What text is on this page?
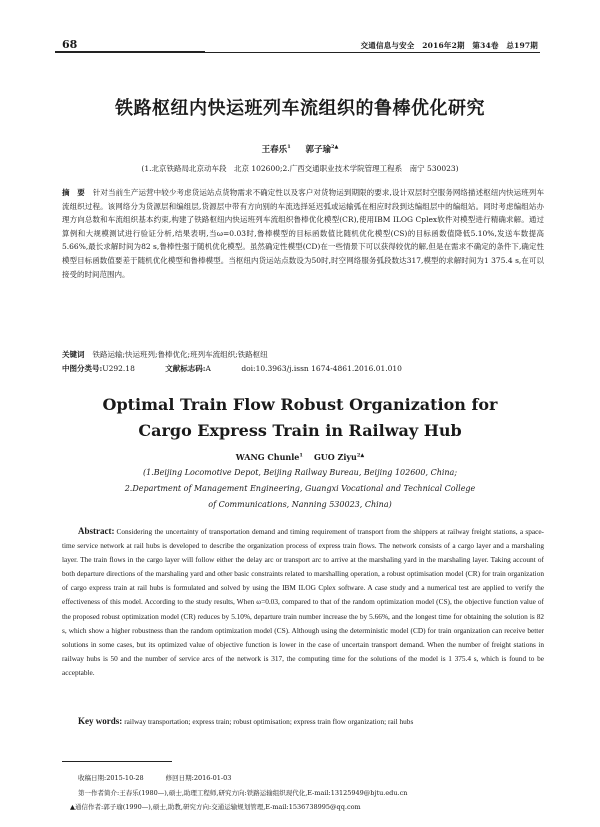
68	交通信息与安全　2016年2期　第34卷　总197期
铁路枢纽内快运班列车流组织的鲁棒优化研究
王春乐$^1$ 郭子瑜$^{2▲}$
(1.北京铁路局北京动车段　北京 102600;2.广西交通职业技术学院管理工程系　南宁 530023)
摘　要 针对当前生产运营中较少考虑货运站点货物需求不确定性以及客户对货物运到期限的要求,设计双层时空服务网络描述枢纽内快运班列车流组织过程。该网络分为货源层和编组层,货源层中带有方向别的车流选择延迟弧或运输弧在相应时段到达编组层中的编组站。同时考虑编组站办理方向总数和车流组织基本约束,构建了铁路枢纽内快运班列车流组织鲁棒优化模型(CR),使用IBM ILOG Cplex软件对模型进行精确求解。通过算例和大规模测试进行验证分析,结果表明,当ω=0.03时,鲁棒模型的目标函数值比随机优化模型(CS)的目标函数值降低5.10%,发送车数提高5.66%,最长求解时间为82 s,鲁棒性强于随机优化模型。虽然确定性模型(CD)在一些情景下可以获得较优的解,但是在需求不确定的条件下,确定性模型目标函数值要差于随机优化模型和鲁棒模型。当枢纽内货运站点数设为50时,时空网络服务弧段数达317,模型的求解时间为1 375.4 s,在可以接受的时间范围内。
关键词 铁路运输;快运班列;鲁棒优化;班列车流组织;铁路枢纽
中图分类号:U292.18	文献标志码:A	doi:10.3963/j.issn 1674-4861.2016.01.010
Optimal Train Flow Robust Organization for
Cargo Express Train in Railway Hub
WANG Chunle$^1$ GUO Ziyu$^{2▲}$
(1.Beijing Locomotive Depot, Beijing Railway Bureau, Beijing 102600, China;
2.Department of Management Engineering, Guangxi Vocational and Technical College
of Communications, Nanning 530023, China)
Abstract: Considering the uncertainty of transportation demand and timing requirement of transport from the shippers at railway freight stations, a space-time service network at rail hubs is developed to describe the organization process of express train flows. The network consists of a cargo layer and a marshaling layer. The train flows in the cargo layer will follow either the delay arc or transport arc to arrive at the marshaling yard in the marshaling layer. Taking account of both departure directions of the marshaling yard and other basic constraints related to marshalling operation, a robust optimisation model (CR) for train organization of cargo express train at rail hubs is formulated and solved by using the IBM ILOG Cplex software. A case study and a numerical test are applied to verify the effectiveness of this model. According to the study results, When ω=0.03, compared to that of the random optimization model (CS), the objective function value of the proposed robust optimization model (CR) reduces by 5.10%, departure train number increase the by 5.66%, and the longest time for obtaining the solution is 82 s, which show a higher robustness than the random optimization model (CS). Although using the deterministic model (CD) for train organization can receive better solutions in some cases, but its optimized value of objective function is lower in the case of uncertain transport demand. When the number of freight stations in railway hubs is 50 and the number of service arcs of the network is 317, the computing time for the solutions of the model is 1 375.4 s, which is found to be acceptable.
Key words: railway transportation; express train; robust optimisation; express train flow organization; rail hubs
收稿日期:2015-10-28	修回日期:2016-01-03
第一作者简介:王春乐(1980—),硕士,助理工程师,研究方向:铁路运输组织现代化,E-mail:13125949@bjtu.edu.cn
▲通信作者:郭子瑜(1990—),硕士,助教,研究方向:交通运输规划管理,E-mail:1536738995@qq.com
